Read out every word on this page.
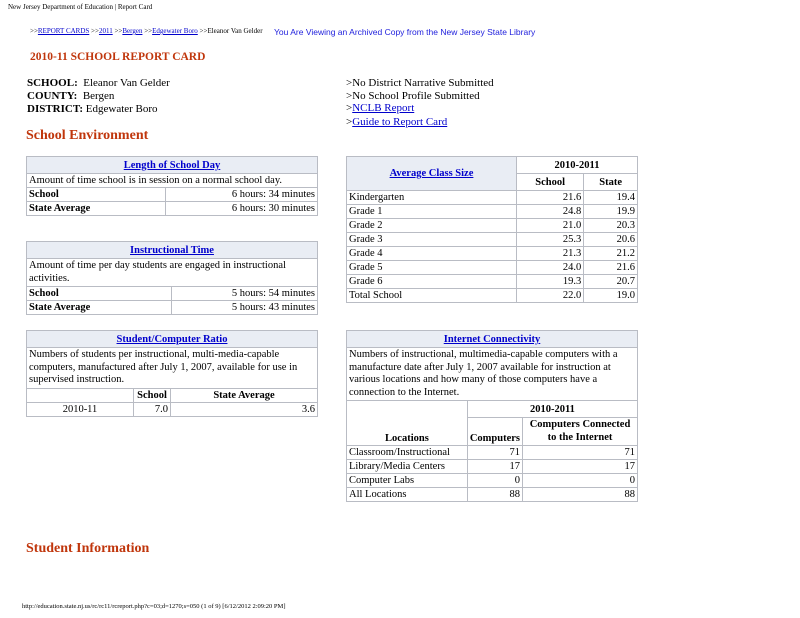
New Jersey Department of Education | Report Card
>>REPORT CARDS >>2011 >>Bergen >>Edgewater Boro >>Eleanor Van Gelder You Are Viewing an Archived Copy from the New Jersey State Library
2010-11 SCHOOL REPORT CARD
SCHOOL: Eleanor Van Gelder
COUNTY: Bergen
DISTRICT: Edgewater Boro
>No District Narrative Submitted
>No School Profile Submitted
>NCLB Report
>Guide to Report Card
School Environment
Length of School Day	
Amount of time school is in session on a normal school day.	
School	6 hours: 34 minutes
State Average	6 hours: 30 minutes
Instructional Time	
Amount of time per day students are engaged in instructional activities.	
School	5 hours: 54 minutes
State Average	5 hours: 43 minutes
Student/Computer Ratio		
Numbers of students per instructional, multi-media-capable computers, manufactured after July 1, 2007, available for use in supervised instruction.		
	School	State Average
2010-11	7.0	3.6
Average Class Size	2010-2011	
	School	State
Kindergarten	21.6	19.4
Grade 1	24.8	19.9
Grade 2	21.0	20.3
Grade 3	25.3	20.6
Grade 4	21.3	21.2
Grade 5	24.0	21.6
Grade 6	19.3	20.7
Total School	22.0	19.0
Internet Connectivity		
Numbers of instructional, multimedia-capable computers with a manufacture date after July 1, 2007 available for instruction at various locations and how many of those computers have a connection to the Internet.		
	2010-2011	
Locations	Computers	Computers Connected to the Internet
Classroom/Instructional	71	71
Library/Media Centers	17	17
Computer Labs	0	0
All Locations	88	88
Student Information
http://education.state.nj.us/rc/rc11/rcreport.php?c=03;d=1270;s=050 (1 of 9) [6/12/2012 2:09:20 PM]
